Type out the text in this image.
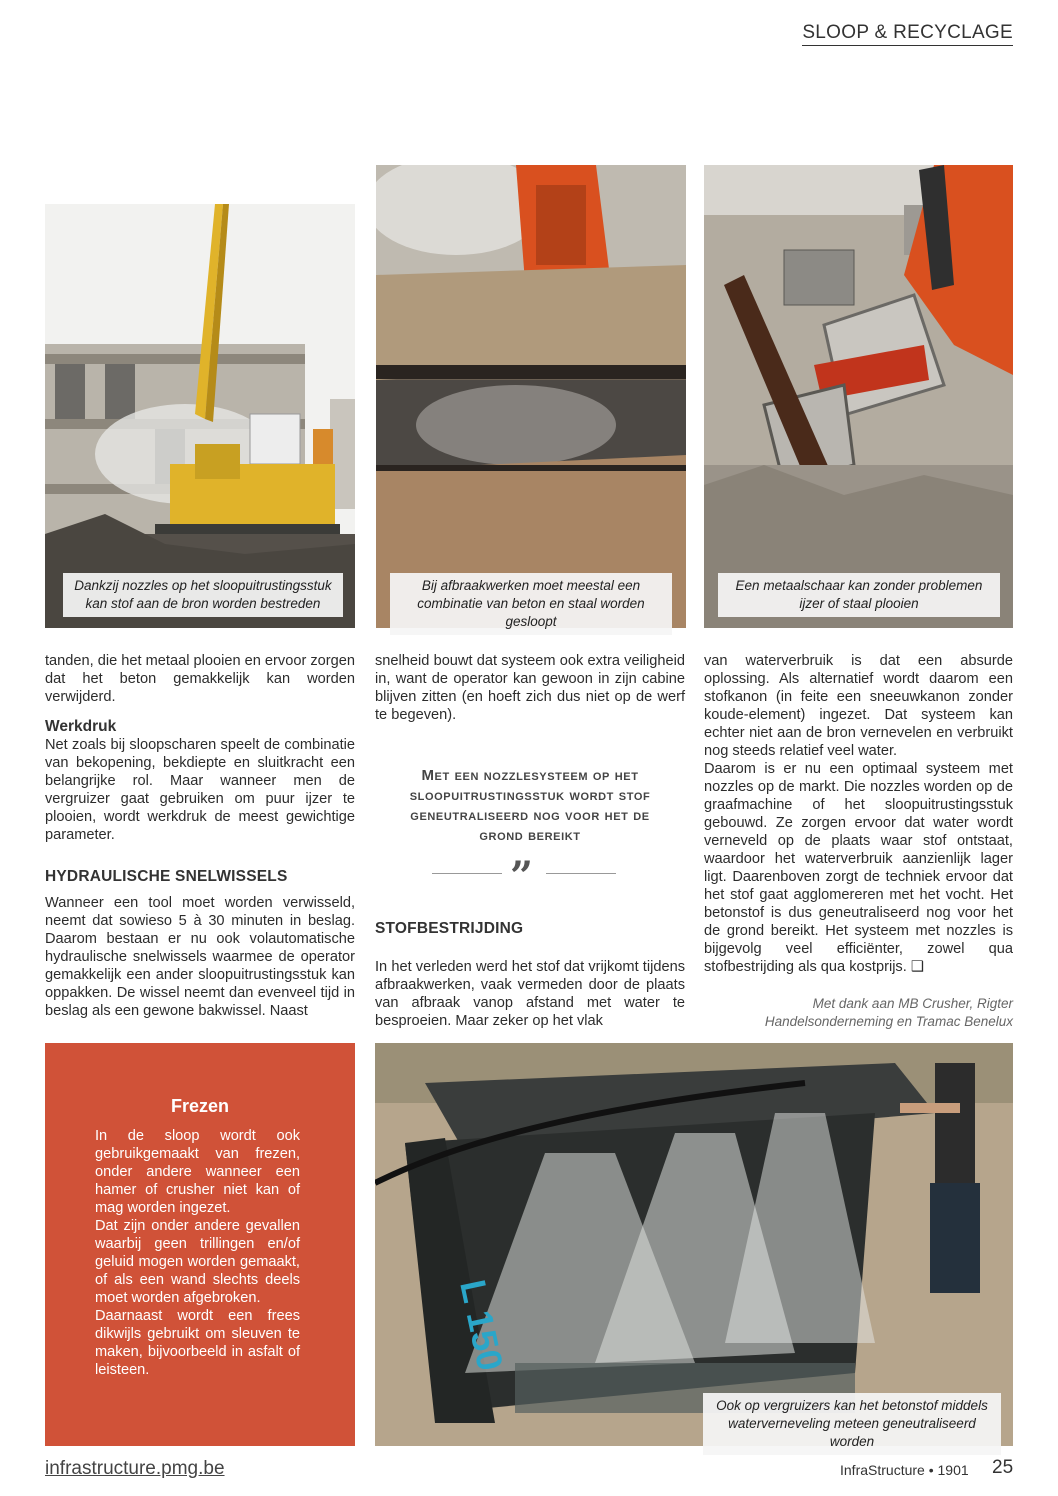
SLOOP & RECYCLAGE
Dankzij nozzles op het sloopuitrustingsstuk kan stof aan de bron worden bestreden
Bij afbraakwerken moet meestal een combinatie van beton en staal worden gesloopt
Een metaalschaar kan zonder problemen ijzer of staal plooien

tanden, die het metaal plooien en ervoor zorgen dat het beton gemakkelijk kan worden verwijderd.

Werkdruk

Net zoals bij sloopscharen speelt de combinatie van bekopening, bekdiepte en sluitkracht een belangrijke rol. Maar wanneer men de vergruizer gaat gebruiken om puur ijzer te plooien, wordt werkdruk de meest gewichtige parameter.

HYDRAULISCHE SNELWISSELS

Wanneer een tool moet worden verwisseld, neemt dat sowieso 5 à 30 minuten in beslag. Daarom bestaan er nu ook volautomatische hydraulische snelwissels waarmee de operator gemakkelijk een ander sloopuitrustingsstuk kan oppakken. De wissel neemt dan evenveel tijd in beslag als een gewone bakwissel. Naast

snelheid bouwt dat systeem ook extra veiligheid in, want de operator kan gewoon in zijn cabine blijven zitten (en hoeft zich dus niet op de werf te begeven).

Met een nozzlesysteem op het sloopuitrustingsstuk wordt stof geneutraliseerd nog voor het de grond bereikt
”
STOFBESTRIJDING

In het verleden werd het stof dat vrijkomt tijdens afbraakwerken, vaak vermeden door de plaats van afbraak vanop afstand met water te besproeien. Maar zeker op het vlak

van waterverbruik is dat een absurde oplossing. Als alternatief wordt daarom een stofkanon (in feite een sneeuwkanon zonder koude-element) ingezet. Dat systeem kan echter niet aan de bron vernevelen en verbruikt nog steeds relatief veel water.

Daarom is er nu een optimaal systeem met nozzles op de markt. Die nozzles worden op de graafmachine of het sloopuitrustingsstuk gebouwd. Ze zorgen ervoor dat water wordt verneveld op de plaats waar stof ontstaat, waardoor het waterverbruik aanzienlijk lager ligt. Daarenboven zorgt de techniek ervoor dat het stof gaat agglomereren met het vocht. Het betonstof is dus geneutraliseerd nog voor het de grond bereikt. Het systeem met nozzles is bijgevolg veel efficiënter, zowel qua stofbestrijding als qua kostprijs. ❑

Met dank aan MB Crusher, Rigter
Handelsonderneming en Tramac Benelux
Frezen

In de sloop wordt ook gebruikgemaakt van frezen, onder andere wanneer een hamer of crusher niet kan of mag worden ingezet.

Dat zijn onder andere gevallen waarbij geen trillingen en/of geluid mogen worden gemaakt, of als een wand slechts deels moet worden afgebroken.

Daarnaast wordt een frees dikwijls gebruikt om sleuven te maken, bijvoorbeeld in asfalt of leisteen.	L 150
Ook op vergruizers kan het betonstof middels waterverneveling meteen geneutraliseerd worden
infrastructure.pmg.be	InfraStructure • 1901 25
